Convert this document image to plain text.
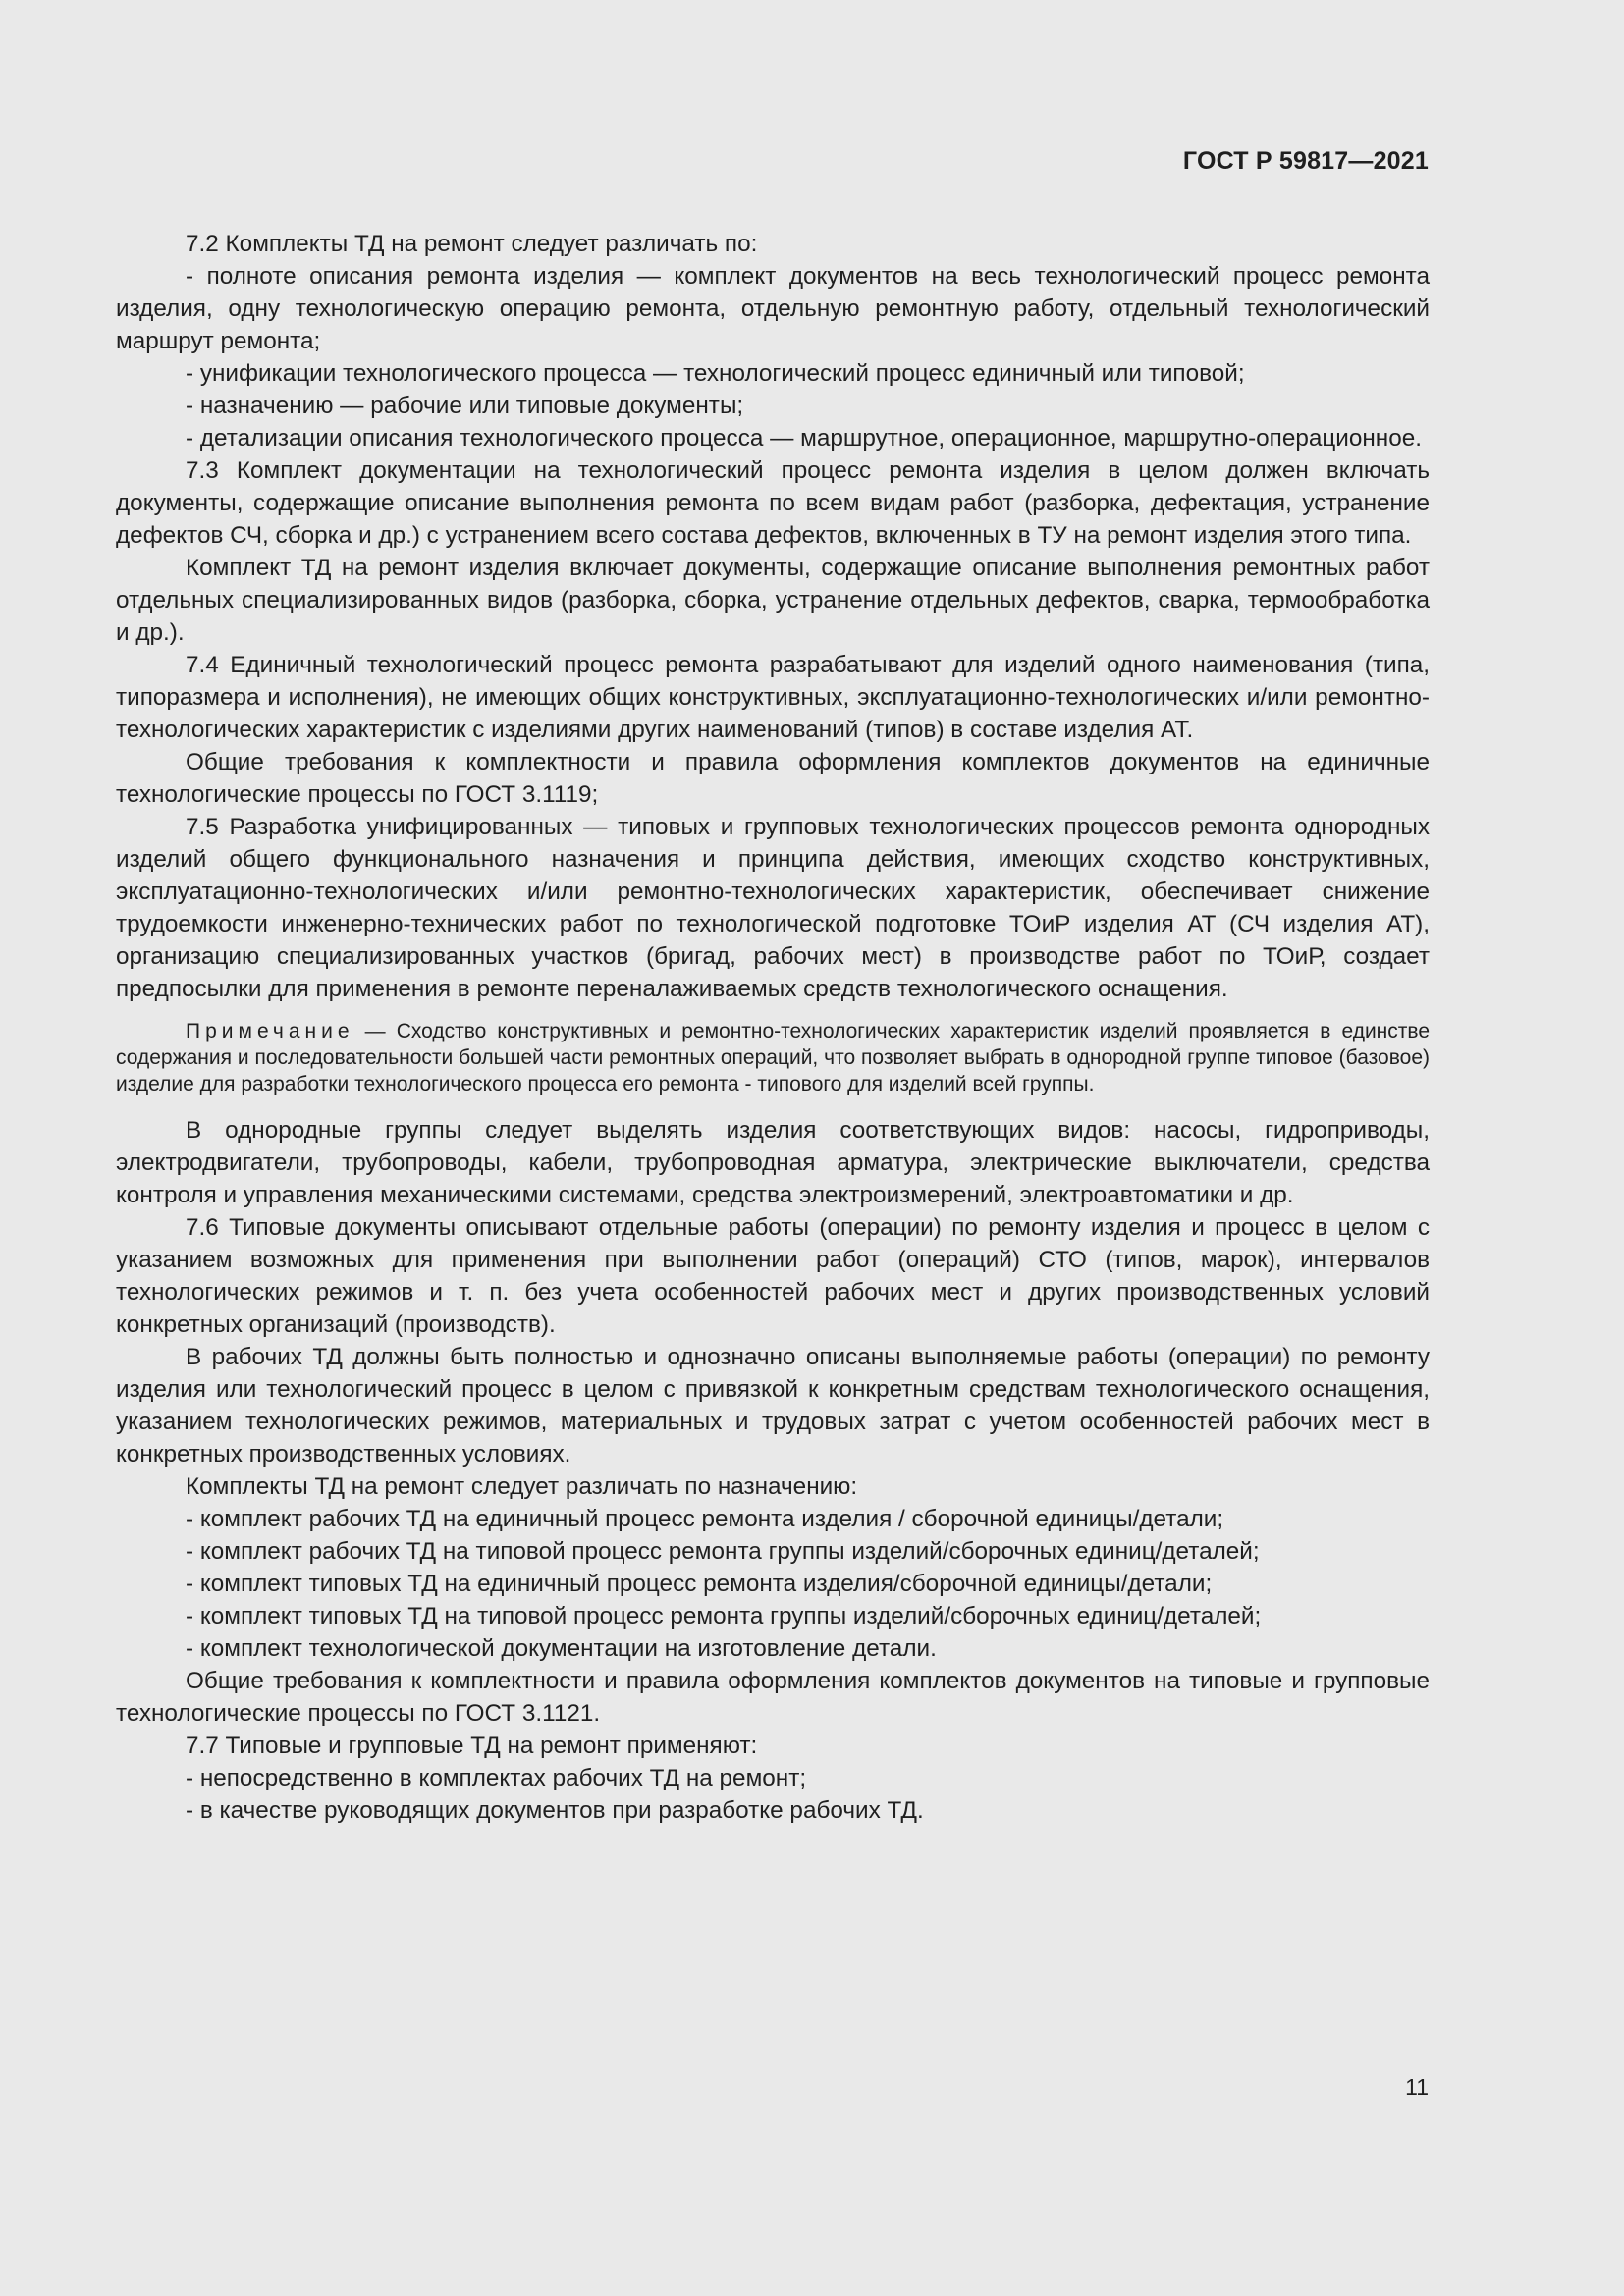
ГОСТ Р 59817—2021

7.2 Комплекты ТД на ремонт следует различать по:

- полноте описания ремонта изделия — комплект документов на весь технологический процесс ремонта изделия, одну технологическую операцию ремонта, отдельную ремонтную работу, отдельный технологический маршрут ремонта;

- унификации технологического процесса — технологический процесс единичный или типовой;

- назначению — рабочие или типовые документы;

- детализации описания технологического процесса — маршрутное, операционное, маршрутно-операционное.

7.3 Комплект документации на технологический процесс ремонта изделия в целом должен включать документы, содержащие описание выполнения ремонта по всем видам работ (разборка, дефектация, устранение дефектов СЧ, сборка и др.) с устранением всего состава дефектов, включенных в ТУ на ремонт изделия этого типа.

Комплект ТД на ремонт изделия включает документы, содержащие описание выполнения ремонтных работ отдельных специализированных видов (разборка, сборка, устранение отдельных дефектов, сварка, термообработка и др.).

7.4 Единичный технологический процесс ремонта разрабатывают для изделий одного наименования (типа, типоразмера и исполнения), не имеющих общих конструктивных, эксплуатационно-технологических и/или ремонтно-технологических характеристик с изделиями других наименований (типов) в составе изделия АТ.

Общие требования к комплектности и правила оформления комплектов документов на единичные технологические процессы по ГОСТ 3.1119;

7.5 Разработка унифицированных — типовых и групповых технологических процессов ремонта однородных изделий общего функционального назначения и принципа действия, имеющих сходство конструктивных, эксплуатационно-технологических и/или ремонтно-технологических характеристик, обеспечивает снижение трудоемкости инженерно-технических работ по технологической подготовке ТОиР изделия АТ (СЧ изделия АТ), организацию специализированных участков (бригад, рабочих мест) в производстве работ по ТОиР, создает предпосылки для применения в ремонте переналаживаемых средств технологического оснащения.

Примечание — Сходство конструктивных и ремонтно-технологических характеристик изделий проявляется в единстве содержания и последовательности большей части ремонтных операций, что позволяет выбрать в однородной группе типовое (базовое) изделие для разработки технологического процесса его ремонта - типового для изделий всей группы.

В однородные группы следует выделять изделия соответствующих видов: насосы, гидроприводы, электродвигатели, трубопроводы, кабели, трубопроводная арматура, электрические выключатели, средства контроля и управления механическими системами, средства электроизмерений, электроавтоматики и др.

7.6 Типовые документы описывают отдельные работы (операции) по ремонту изделия и процесс в целом с указанием возможных для применения при выполнении работ (операций) СТО (типов, марок), интервалов технологических режимов и т. п. без учета особенностей рабочих мест и других производственных условий конкретных организаций (производств).

В рабочих ТД должны быть полностью и однозначно описаны выполняемые работы (операции) по ремонту изделия или технологический процесс в целом с привязкой к конкретным средствам технологического оснащения, указанием технологических режимов, материальных и трудовых затрат с учетом особенностей рабочих мест в конкретных производственных условиях.

Комплекты ТД на ремонт следует различать по назначению:

- комплект рабочих ТД на единичный процесс ремонта изделия / сборочной единицы/детали;

- комплект рабочих ТД на типовой процесс ремонта группы изделий/сборочных единиц/деталей;

- комплект типовых ТД на единичный процесс ремонта изделия/сборочной единицы/детали;

- комплект типовых ТД на типовой процесс ремонта группы изделий/сборочных единиц/деталей;

- комплект технологической документации на изготовление детали.

Общие требования к комплектности и правила оформления комплектов документов на типовые и групповые технологические процессы по ГОСТ 3.1121.

7.7 Типовые и групповые ТД на ремонт применяют:

- непосредственно в комплектах рабочих ТД на ремонт;

- в качестве руководящих документов при разработке рабочих ТД.

11
